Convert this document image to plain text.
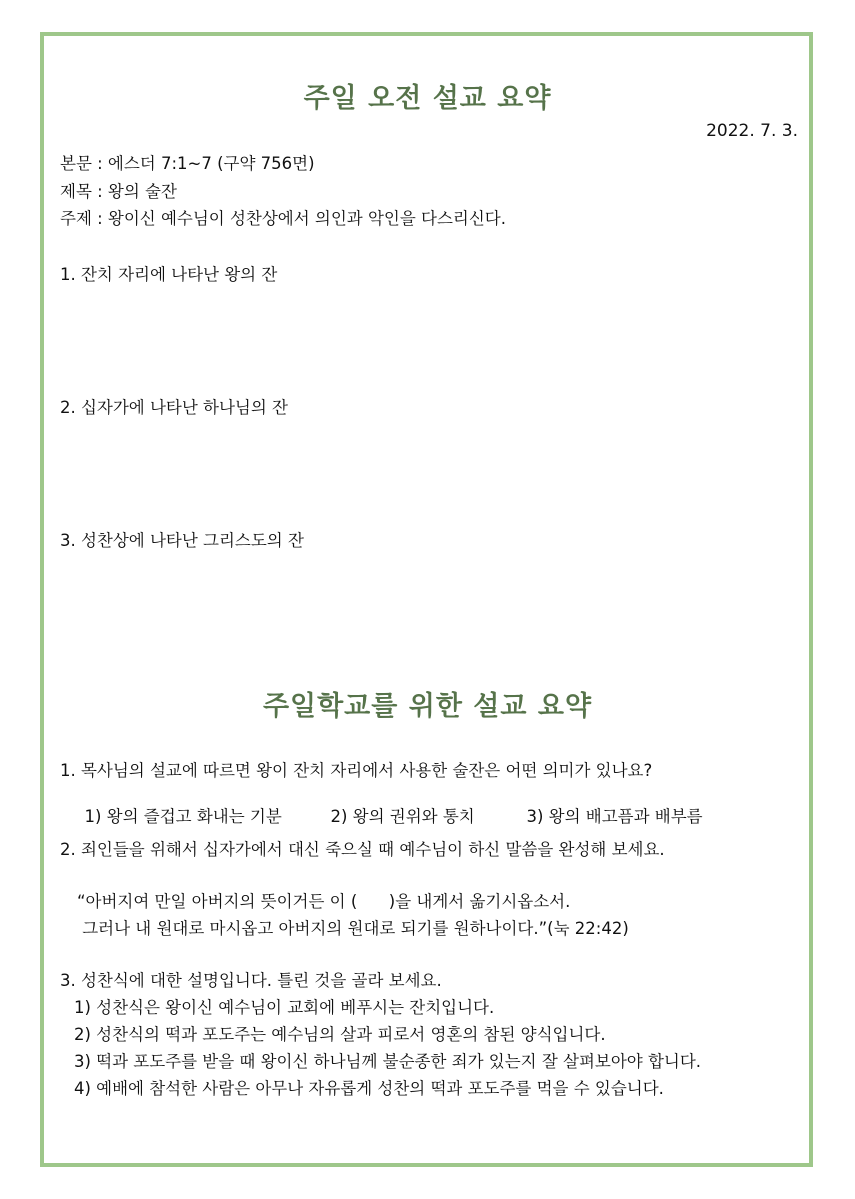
주일 오전 설교 요약
2022. 7. 3.
본문 : 에스더 7:1~7 (구약 756면)
제목 : 왕의 술잔
주제 : 왕이신 예수님이 성찬상에서 의인과 악인을 다스리신다.
1. 잔치 자리에 나타난 왕의 잔
2. 십자가에 나타난 하나님의 잔
3. 성찬상에 나타난 그리스도의 잔
주일학교를 위한 설교 요약
1. 목사님의 설교에 따르면 왕이 잔치 자리에서 사용한 술잔은 어떤 의미가 있나요?

1) 왕의 즐겁고 화내는 기분	2) 왕의 권위와 통치	3) 왕의 배고픔과 배부름

2. 죄인들을 위해서 십자가에서 대신 죽으실 때 예수님이 하신 말씀을 완성해 보세요.
“아버지여 만일 아버지의 뜻이거든 이 (      )을 내게서 옮기시옵소서.
그러나 내 원대로 마시옵고 아버지의 원대로 되기를 원하나이다.”(눅 22:42)
3. 성찬식에 대한 설명입니다. 틀린 것을 골라 보세요.
1) 성찬식은 왕이신 예수님이 교회에 베푸시는 잔치입니다.
2) 성찬식의 떡과 포도주는 예수님의 살과 피로서 영혼의 참된 양식입니다.
3) 떡과 포도주를 받을 때 왕이신 하나님께 불순종한 죄가 있는지 잘 살펴보아야 합니다.
4) 예배에 참석한 사람은 아무나 자유롭게 성찬의 떡과 포도주를 먹을 수 있습니다.
